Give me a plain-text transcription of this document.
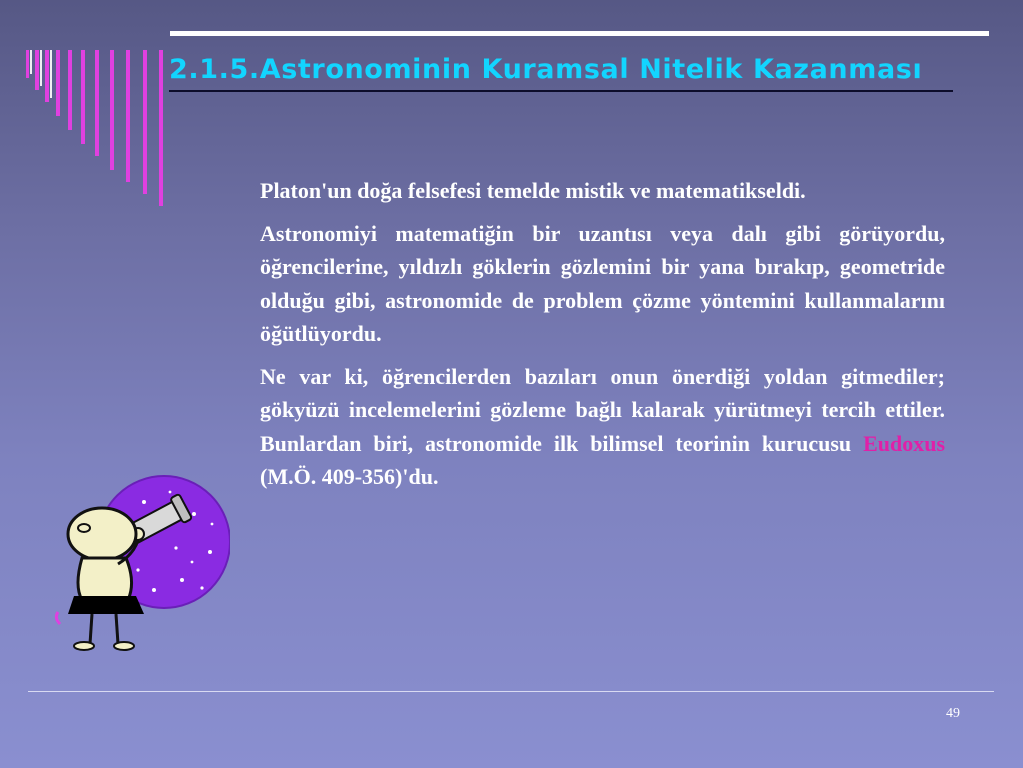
2.1.5.Astronominin Kuramsal Nitelik Kazanması

Platon'un doğa felsefesi temelde mistik ve matematikseldi.

Astronomiyi matematiğin bir uzantısı veya dalı gibi görüyordu, öğrencilerine, yıldızlı göklerin gözlemini bir yana bırakıp, geometride olduğu gibi, astronomide de problem çözme yöntemini kullanmalarını öğütlüyordu.

Ne var ki, öğrencilerden bazıları onun önerdiği yoldan gitmediler; gökyüzü incelemelerini gözleme bağlı kalarak yürütmeyi tercih ettiler. Bunlardan biri, astronomide ilk bilimsel teorinin kurucusu Eudoxus (M.Ö. 409-356)'du.

49
